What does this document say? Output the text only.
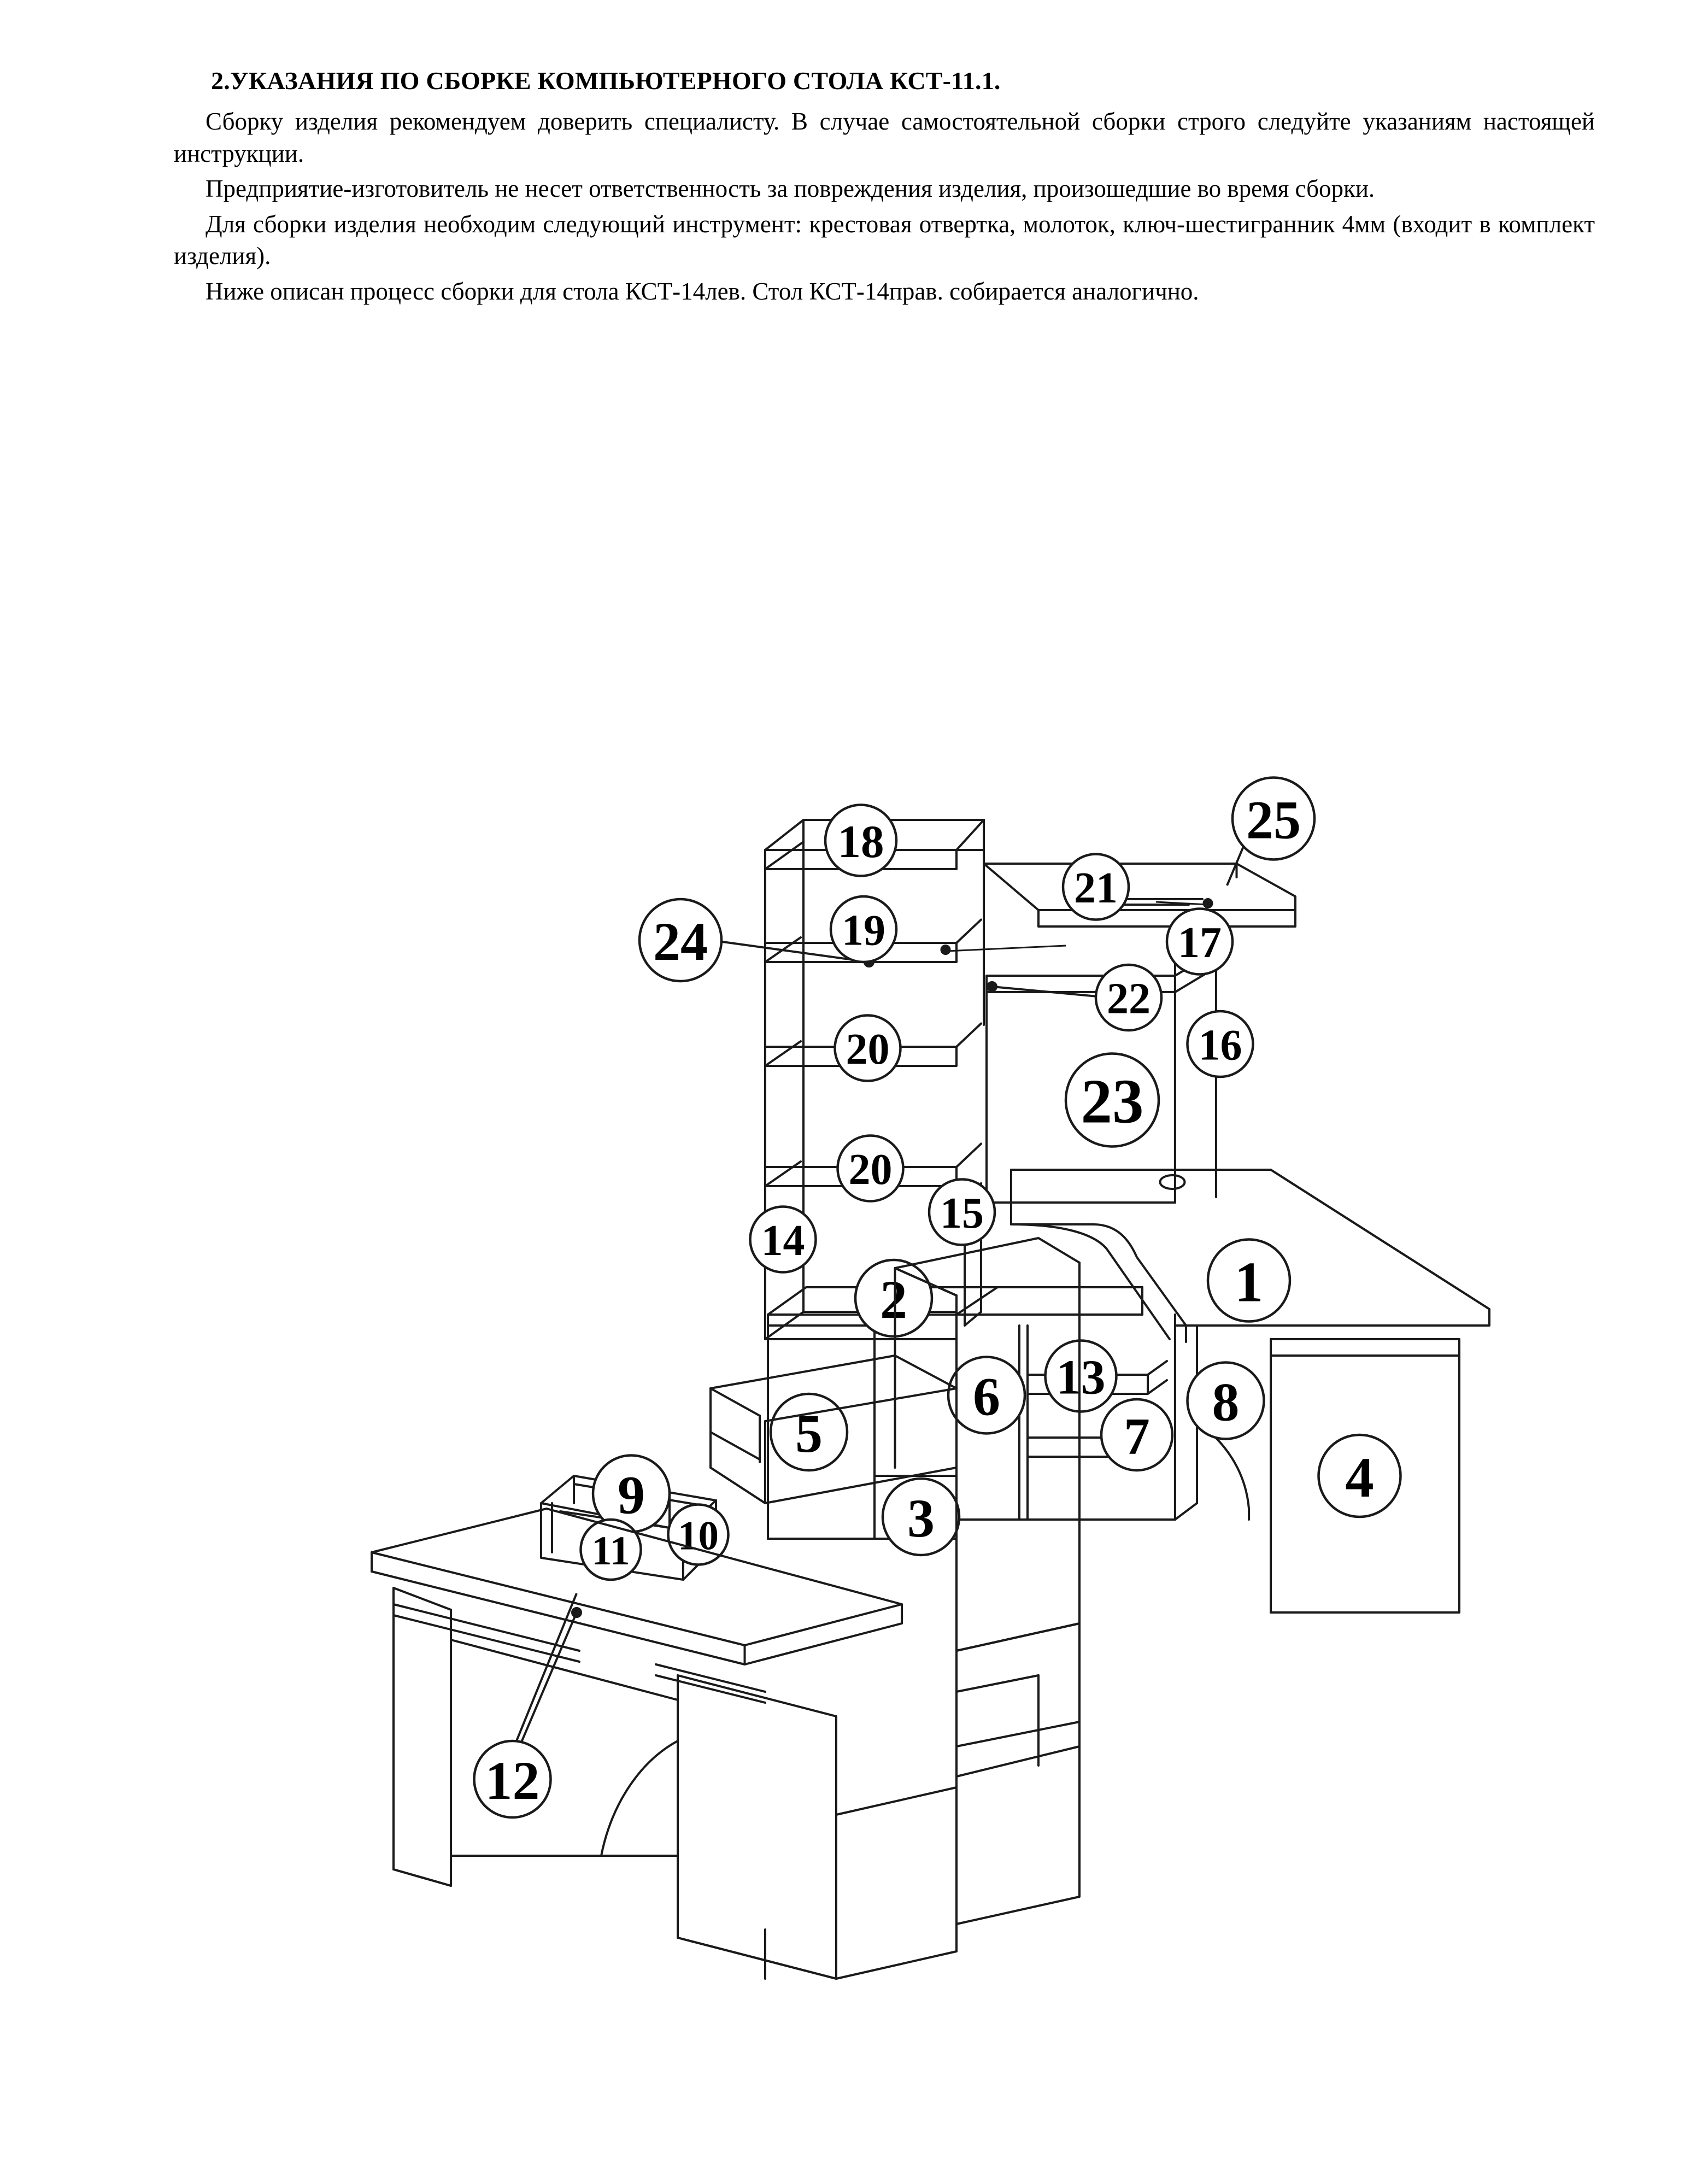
2.УКАЗАНИЯ ПО СБОРКЕ КОМПЬЮТЕРНОГО СТОЛА КСТ-11.1.

Сборку изделия рекомендуем доверить специалисту. В случае самостоятельной сборки строго следуйте указаниям настоящей инструкции.

Предприятие-изготовитель не несет ответственность за повреждения изделия, произошедшие во время сборки.

Для сборки изделия необходим следующий инструмент: крестовая отвертка, молоток, ключ-шестигранник 4мм (входит в комплект изделия).

Ниже описан процесс сборки для стола КСТ-14лев. Стол КСТ-14прав. собирается аналогично.

18	25
21
24	19	17
22
16
20
23
20
15
14
1
2
13
6	8
7
5
4
9
10	3
11
12
